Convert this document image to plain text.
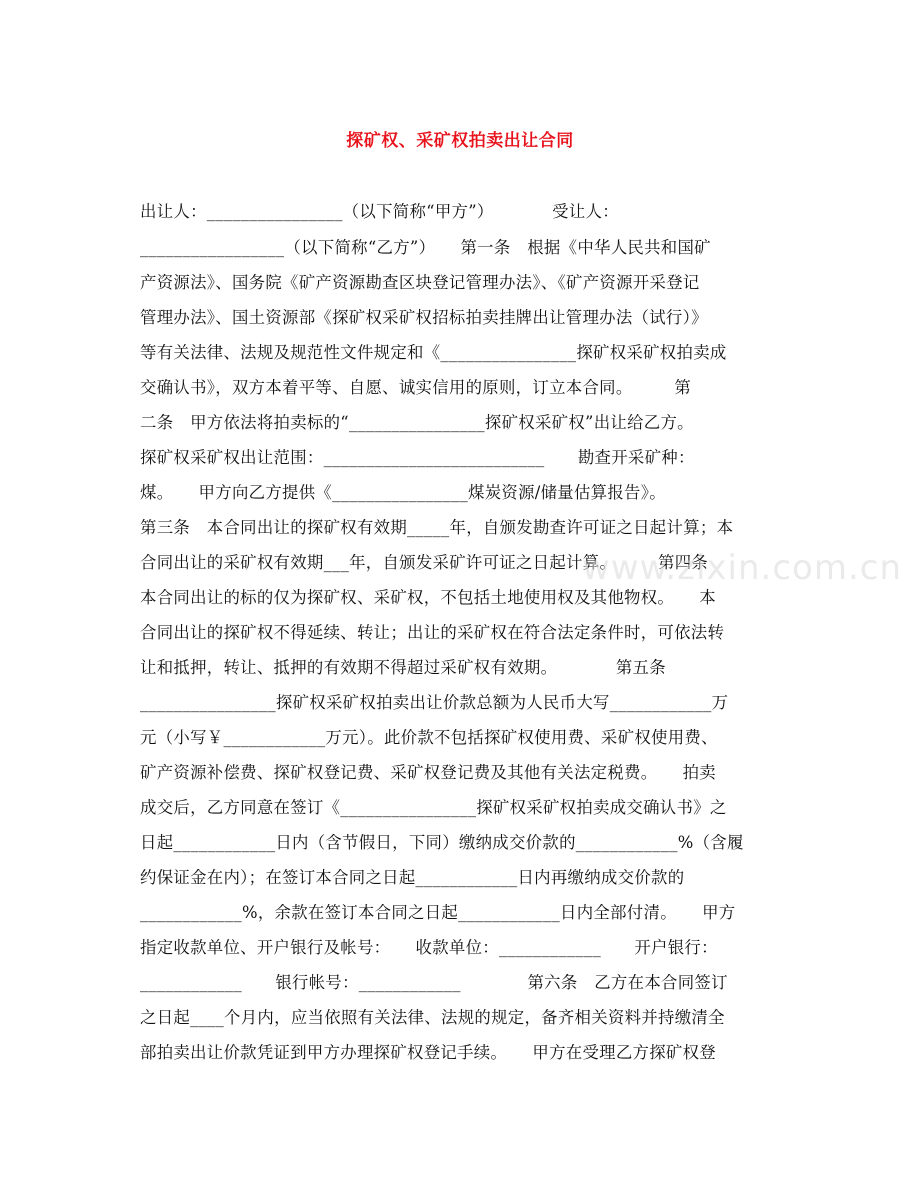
探矿权、采矿权拍卖出让合同
出让人：________________（以下简称“甲方”）　　　　受让人：
_________________（以下简称“乙方”）　　第一条　根据《中华人民共和国矿
产资源法》、国务院《矿产资源勘查区块登记管理办法》、《矿产资源开采登记
管理办法》、国土资源部《探矿权采矿权招标拍卖挂牌出让管理办法（试行）》
等有关法律、法规及规范性文件规定和《________________探矿权采矿权拍卖成
交确认书》，双方本着平等、自愿、诚实信用的原则，订立本合同。　　　第
二条　甲方依法将拍卖标的“________________探矿权采矿权”出让给乙方。
探矿权采矿权出让范围：__________________________　　勘查开采矿种：
煤。　　甲方向乙方提供《________________煤炭资源/储量估算报告》。
第三条　本合同出让的探矿权有效期_____年，自颁发勘查许可证之日起计算；本
合同出让的采矿权有效期___年，自颁发采矿许可证之日起计算。　　　第四条
本合同出让的标的仅为探矿权、采矿权，不包括土地使用权及其他物权。　　本
合同出让的探矿权不得延续、转让；出让的采矿权在符合法定条件时，可依法转
让和抵押，转让、抵押的有效期不得超过采矿权有效期。　　　　第五条
________________探矿权采矿权拍卖出让价款总额为人民币大写____________万
元（小写￥____________万元）。此价款不包括探矿权使用费、采矿权使用费、
矿产资源补偿费、探矿权登记费、采矿权登记费及其他有关法定税费。　　拍卖
成交后，乙方同意在签订《________________探矿权采矿权拍卖成交确认书》之
日起____________日内（含节假日，下同）缴纳成交价款的____________%（含履
约保证金在内）；在签订本合同之日起____________日内再缴纳成交价款的
____________%，余款在签订本合同之日起____________日内全部付清。　　甲方
指定收款单位、开户银行及帐号：　　收款单位：____________　　开户银行：
____________　　银行帐号：____________　　　　第六条　乙方在本合同签订
之日起____个月内，应当依照有关法律、法规的规定，备齐相关资料并持缴清全
部拍卖出让价款凭证到甲方办理探矿权登记手续。　　甲方在受理乙方探矿权登
www.zixin.com.cn
